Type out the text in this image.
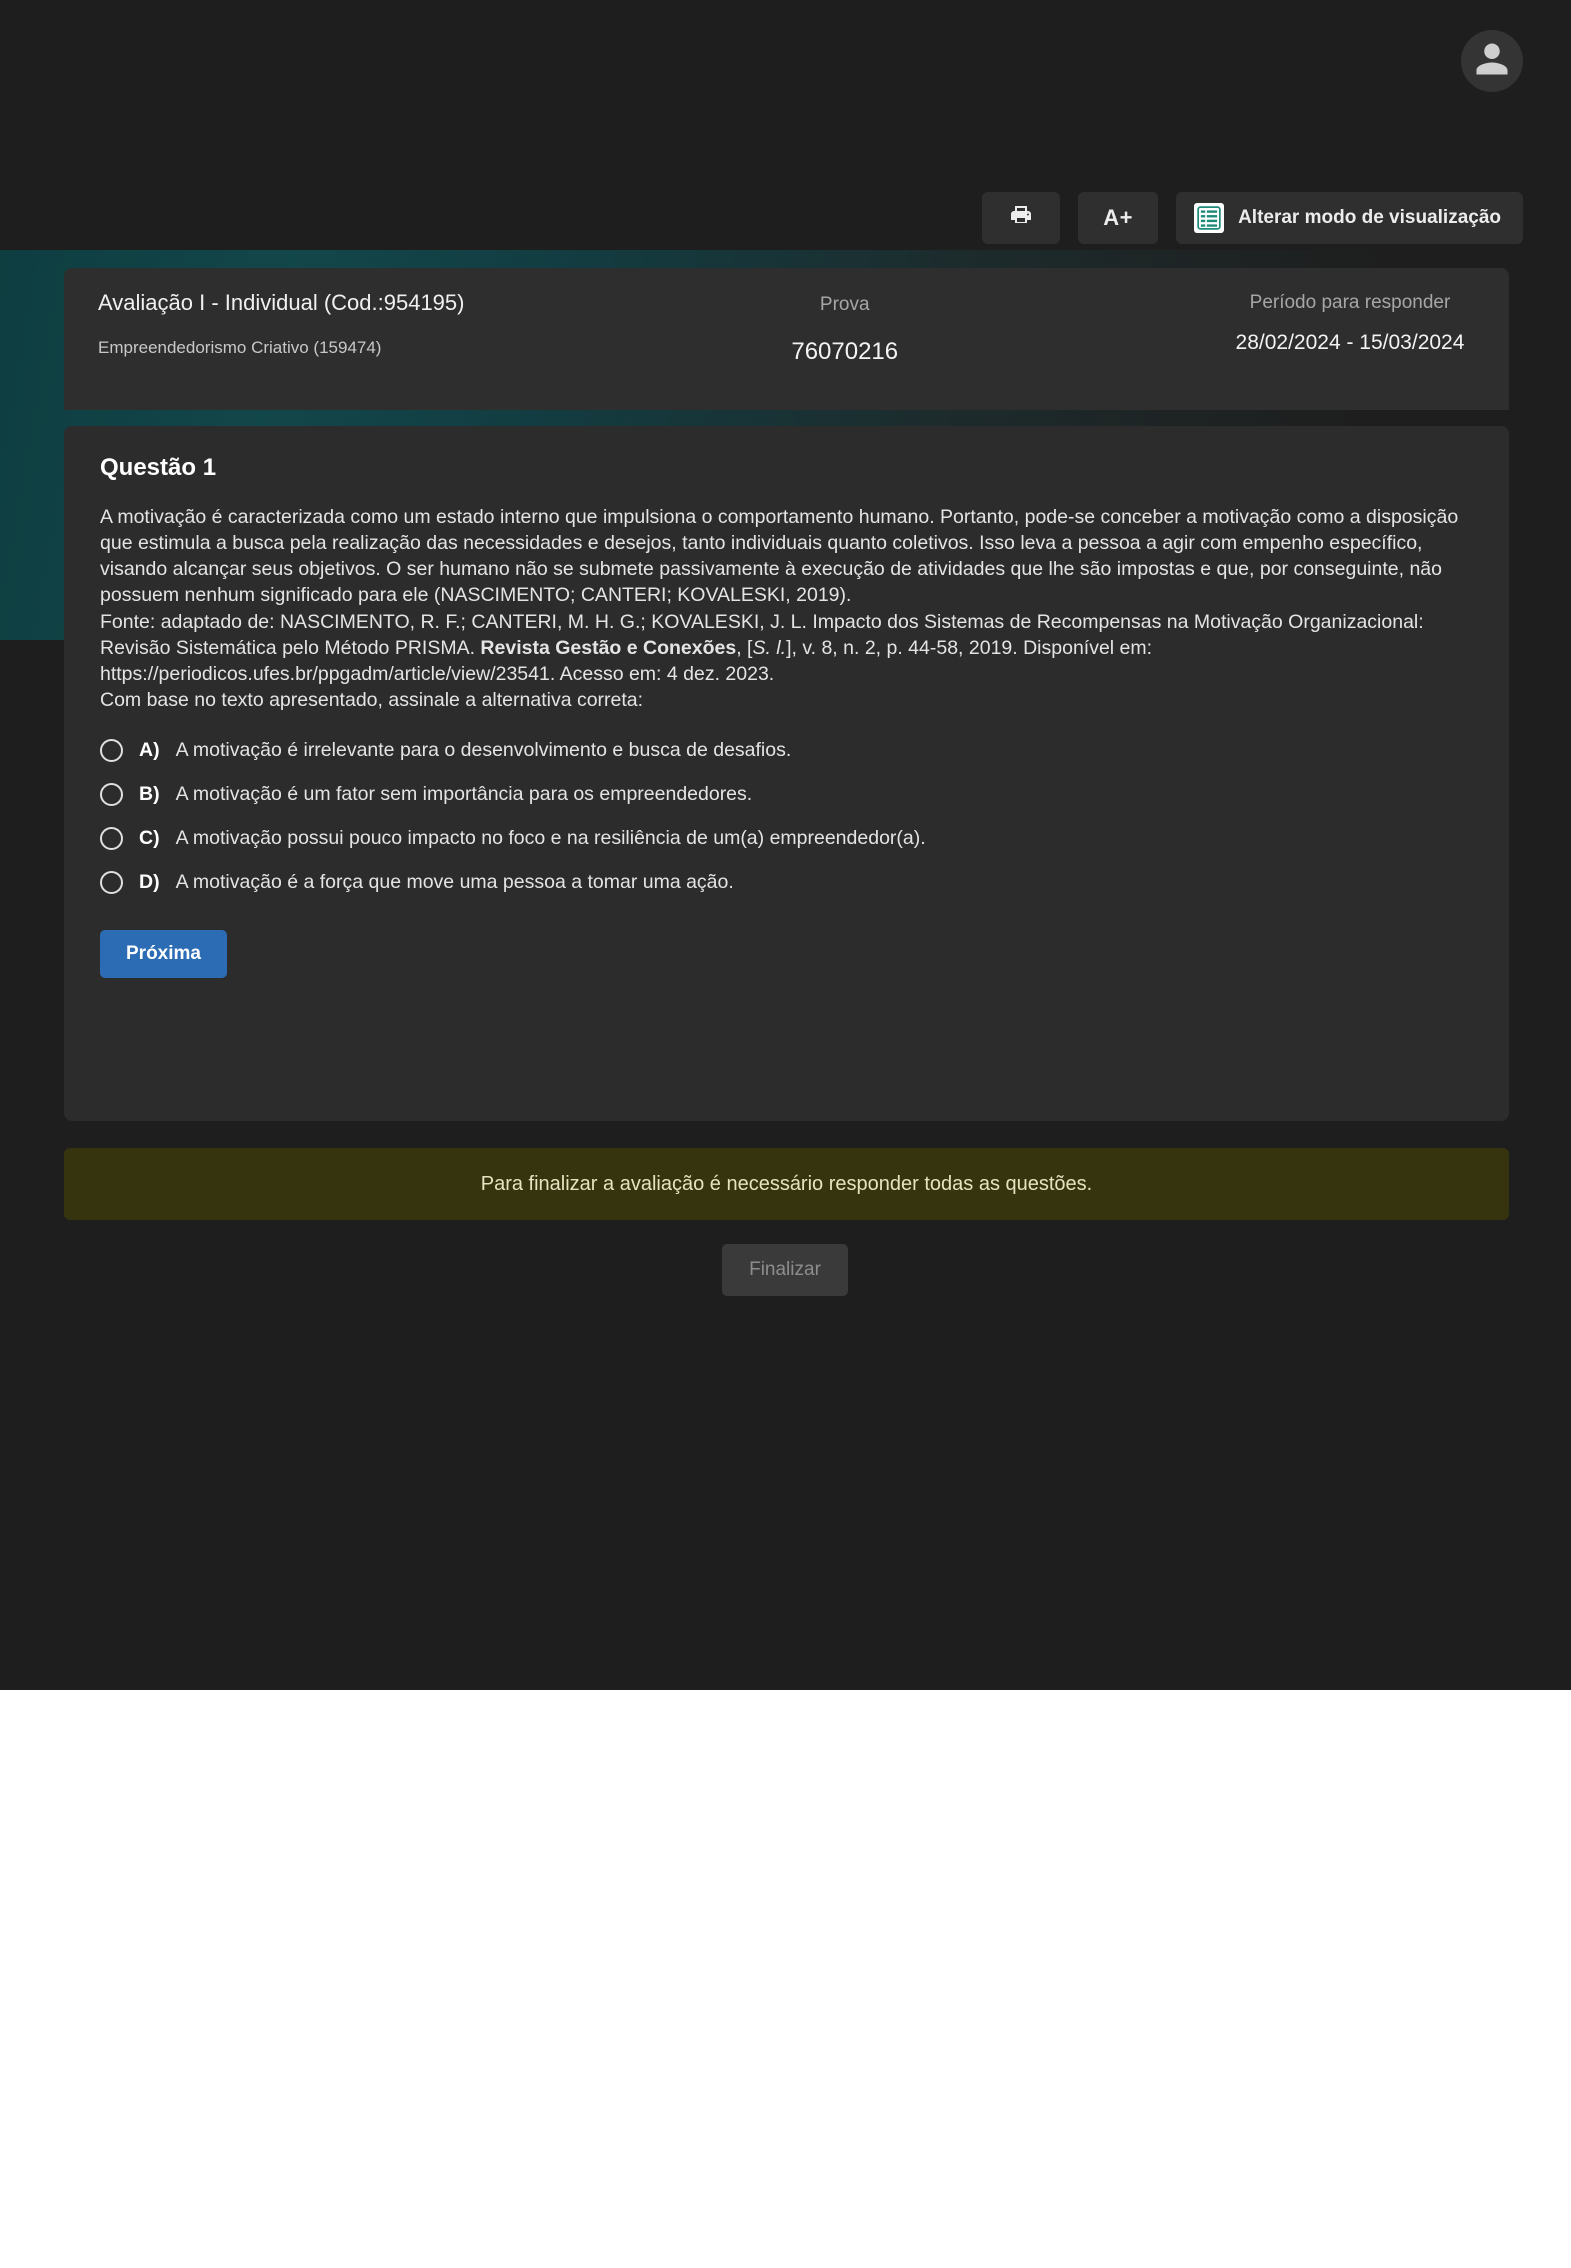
A+	Alterar modo de visualização
Avaliação I - Individual (Cod.:954195)
Empreendedorismo Criativo (159474)
Prova
76070216
Período para responder
28/02/2024 - 15/03/2024
Questão 1

A motivação é caracterizada como um estado interno que impulsiona o comportamento humano. Portanto, pode-se conceber a motivação como a disposição que estimula a busca pela realização das necessidades e desejos, tanto individuais quanto coletivos. Isso leva a pessoa a agir com empenho específico, visando alcançar seus objetivos. O ser humano não se submete passivamente à execução de atividades que lhe são impostas e que, por conseguinte, não possuem nenhum significado para ele (NASCIMENTO; CANTERI; KOVALESKI, 2019).

Fonte: adaptado de: NASCIMENTO, R. F.; CANTERI, M. H. G.; KOVALESKI, J. L. Impacto dos Sistemas de Recompensas na Motivação Organizacional: Revisão Sistemática pelo Método PRISMA. Revista Gestão e Conexões, [S. l.], v. 8, n. 2, p. 44-58, 2019. Disponível em: https://periodicos.ufes.br/ppgadm/article/view/23541. Acesso em: 4 dez. 2023.

Com base no texto apresentado, assinale a alternativa correta:

A) A motivação é irrelevante para o desenvolvimento e busca de desafios.
B) A motivação é um fator sem importância para os empreendedores.
C) A motivação possui pouco impacto no foco e na resiliência de um(a) empreendedor(a).
D) A motivação é a força que move uma pessoa a tomar uma ação.
Próxima
Para finalizar a avaliação é necessário responder todas as questões.
Finalizar
